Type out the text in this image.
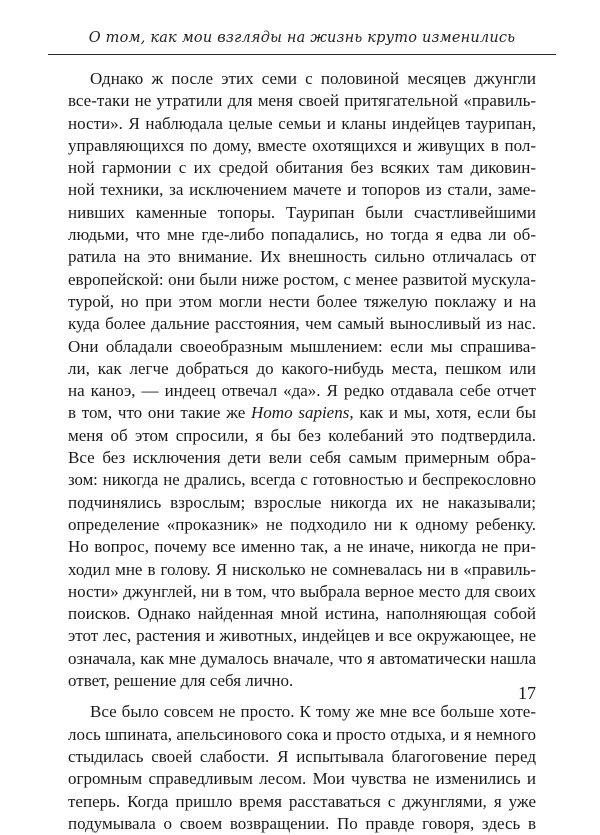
О том, как мои взгляды на жизнь круто изменились
Однако ж после этих семи с половиной месяцев джунгли
все-таки не утратили для меня своей притягательной «правиль-
ности». Я наблюдала целые семьи и кланы индейцев таурипан,
управляющихся по дому, вместе охотящихся и живущих в пол-
ной гармонии с их средой обитания без всяких там диковин-
ной техники, за исключением мачете и топоров из стали, заме-
нивших каменные топоры. Таурипан были счастливейшими
людьми, что мне где-либо попадались, но тогда я едва ли об-
ратила на это внимание. Их внешность сильно отличалась от
европейской: они были ниже ростом, с менее развитой мускула-
турой, но при этом могли нести более тяжелую поклажу и на
куда более дальние расстояния, чем самый выносливый из нас.
Они обладали своеобразным мышлением: если мы спрашива-
ли, как легче добраться до какого-нибудь места, пешком или
на каноэ, — индеец отвечал «да». Я редко отдавала себе отчет
в том, что они такие же Homo sapiens, как и мы, хотя, если бы
меня об этом спросили, я бы без колебаний это подтвердила.
Все без исключения дети вели себя самым примерным обра-
зом: никогда не дрались, всегда с готовностью и беспрекословно
подчинялись взрослым; взрослые никогда их не наказывали;
определение «проказник» не подходило ни к одному ребенку.
Но вопрос, почему все именно так, а не иначе, никогда не при-
ходил мне в голову. Я нисколько не сомневалась ни в «правиль-
ности» джунглей, ни в том, что выбрала верное место для своих
поисков. Однако найденная мной истина, наполняющая собой
этот лес, растения и животных, индейцев и все окружающее, не
означала, как мне думалось вначале, что я автоматически нашла
ответ, решение для себя лично.
Все было совсем не просто. К тому же мне все больше хоте-
лось шпината, апельсинового сока и просто отдыха, и я немного
стыдилась своей слабости. Я испытывала благоговение перед
огромным справедливым лесом. Мои чувства не изменились и
теперь. Когда пришло время расставаться с джунглями, я уже
подумывала о своем возвращении. По правде говоря, здесь в
17
